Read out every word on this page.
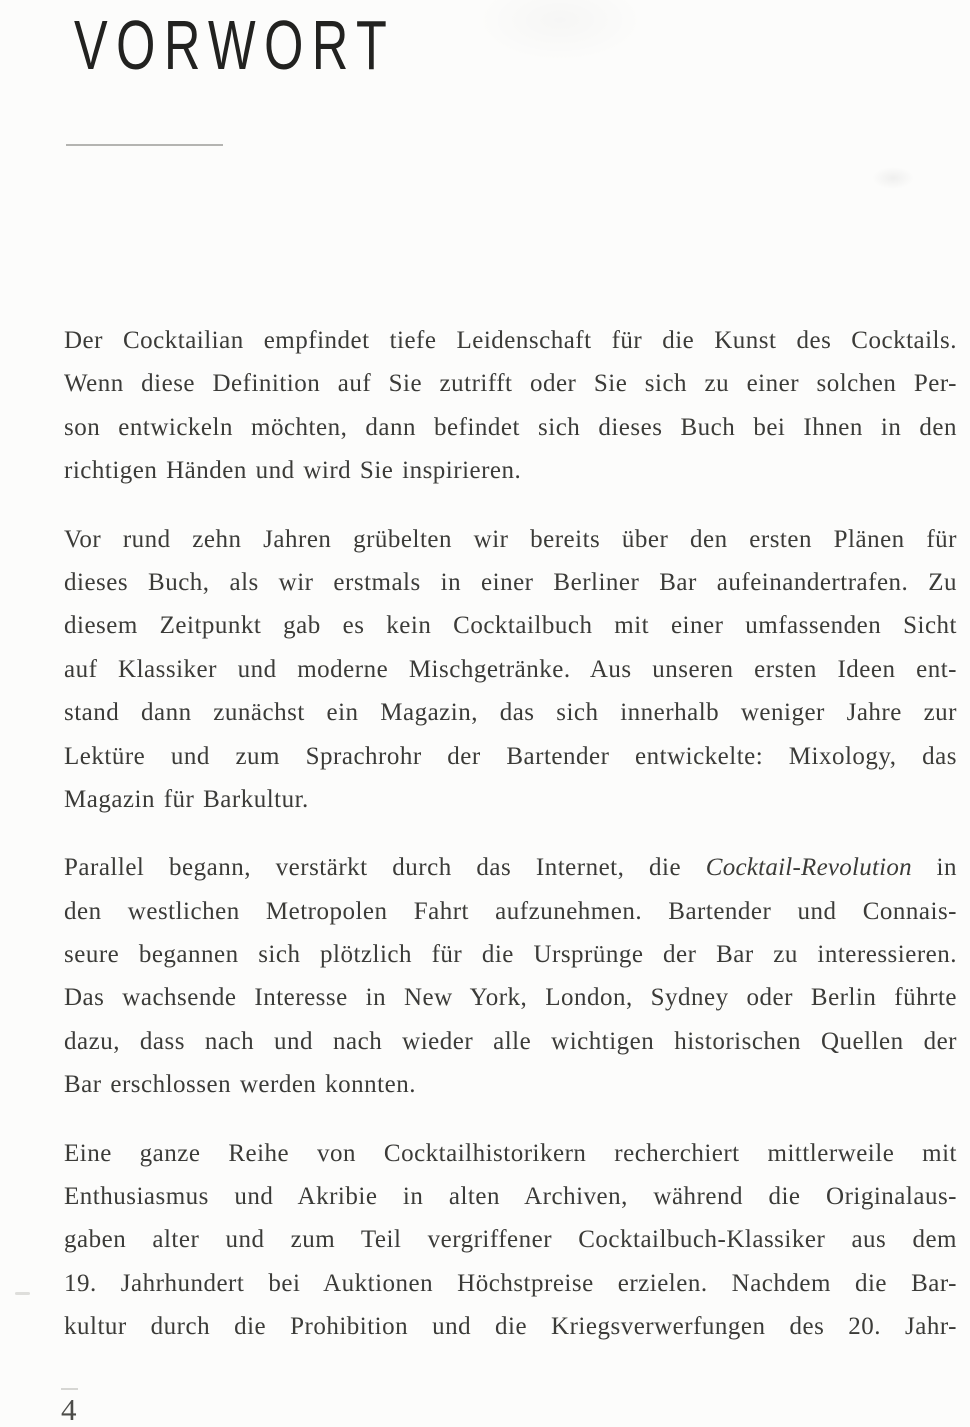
VORWORT
Der Cocktailian empfindet tiefe Leidenschaft für die Kunst des Cocktails.
Wenn diese Definition auf Sie zutrifft oder Sie sich zu einer solchen Per-
son entwickeln möchten, dann befindet sich dieses Buch bei Ihnen in den
richtigen Händen und wird Sie inspirieren.
Vor rund zehn Jahren grübelten wir bereits über den ersten Plänen für
dieses Buch, als wir erstmals in einer Berliner Bar aufeinandertrafen. Zu
diesem Zeitpunkt gab es kein Cocktailbuch mit einer umfassenden Sicht
auf Klassiker und moderne Mischgetränke. Aus unseren ersten Ideen ent-
stand dann zunächst ein Magazin, das sich innerhalb weniger Jahre zur
Lektüre und zum Sprachrohr der Bartender entwickelte: Mixology, das
Magazin für Barkultur.
Parallel begann, verstärkt durch das Internet, die Cocktail-Revolution in
den westlichen Metropolen Fahrt aufzunehmen. Bartender und Connais-
seure begannen sich plötzlich für die Ursprünge der Bar zu interessieren.
Das wachsende Interesse in New York, London, Sydney oder Berlin führte
dazu, dass nach und nach wieder alle wichtigen historischen Quellen der
Bar erschlossen werden konnten.
Eine ganze Reihe von Cocktailhistorikern recherchiert mittlerweile mit
Enthusiasmus und Akribie in alten Archiven, während die Originalaus-
gaben alter und zum Teil vergriffener Cocktailbuch-Klassiker aus dem
19. Jahrhundert bei Auktionen Höchstpreise erzielen. Nachdem die Bar-
kultur durch die Prohibition und die Kriegsverwerfungen des 20. Jahr-
4
